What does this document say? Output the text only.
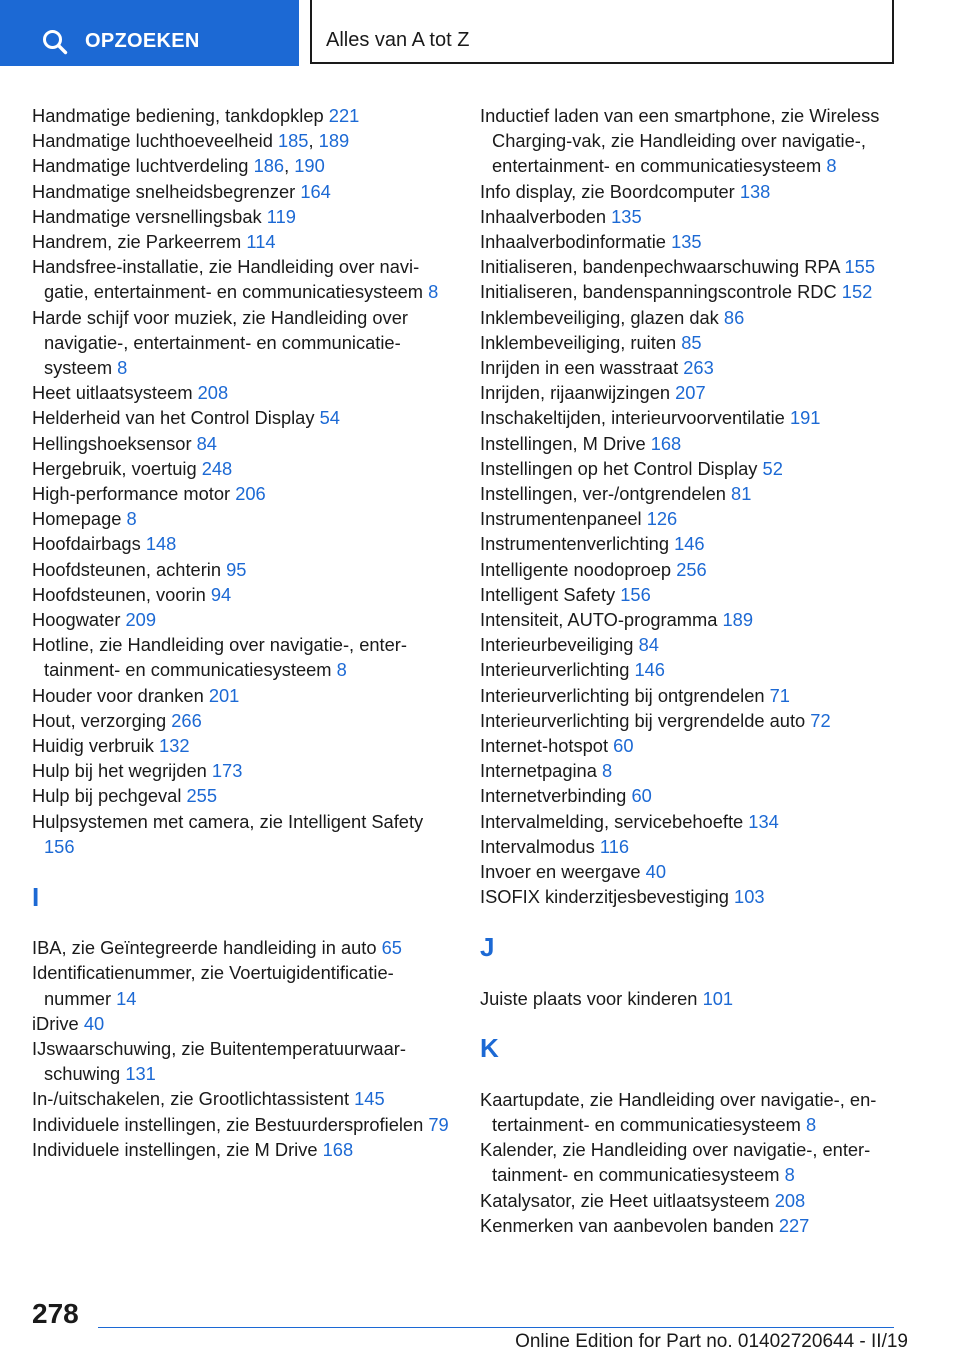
OPZOEKEN	Alles van A tot Z

Handmatige bediening, tankdopklep 221

Handmatige luchthoeveelheid 185, 189

Handmatige luchtverdeling 186, 190

Handmatige snelheidsbegrenzer 164

Handmatige versnellingsbak 119

Handrem, zie Parkeerrem 114

Handsfree-installatie, zie Handleiding over navigatie, entertainment- en communicatiesysteem 8

Harde schijf voor muziek, zie Handleiding over navigatie-, entertainment- en communicatiesysteem 8

Heet uitlaatsysteem 208

Helderheid van het Control Display 54

Hellingshoeksensor 84

Hergebruik, voertuig 248

High-performance motor 206

Homepage 8

Hoofdairbags 148

Hoofdsteunen, achterin 95

Hoofdsteunen, voorin 94

Hoogwater 209

Hotline, zie Handleiding over navigatie-, entertainment- en communicatiesysteem 8

Houder voor dranken 201

Hout, verzorging 266

Huidig verbruik 132

Hulp bij het wegrijden 173

Hulp bij pechgeval 255

Hulpsystemen met camera, zie Intelligent Safety 156

I

IBA, zie Geïntegreerde handleiding in auto 65

Identificatienummer, zie Voertuigidentificatienummer 14

iDrive 40

IJswaarschuwing, zie Buitentemperatuurwaarschuwing 131

In-/uitschakelen, zie Grootlichtassistent 145

Individuele instellingen, zie Bestuurdersprofielen 79

Individuele instellingen, zie M Drive 168

Inductief laden van een smartphone, zie Wireless Charging-vak, zie Handleiding over navigatie-, entertainment- en communicatiesysteem 8

Info display, zie Boordcomputer 138

Inhaalverboden 135

Inhaalverbodinformatie 135

Initialiseren, bandenpechwaarschuwing RPA 155

Initialiseren, bandenspanningscontrole RDC 152

Inklembeveiliging, glazen dak 86

Inklembeveiliging, ruiten 85

Inrijden in een wasstraat 263

Inrijden, rijaanwijzingen 207

Inschakeltijden, interieurvoorventilatie 191

Instellingen, M Drive 168

Instellingen op het Control Display 52

Instellingen, ver-/ontgrendelen 81

Instrumentenpaneel 126

Instrumentenverlichting 146

Intelligente noodoproep 256

Intelligent Safety 156

Intensiteit, AUTO-programma 189

Interieurbeveiliging 84

Interieurverlichting 146

Interieurverlichting bij ontgrendelen 71

Interieurverlichting bij vergrendelde auto 72

Internet-hotspot 60

Internetpagina 8

Internetverbinding 60

Intervalmelding, servicebehoefte 134

Intervalmodus 116

Invoer en weergave 40

ISOFIX kinderzitjesbevestiging 103

J

Juiste plaats voor kinderen 101

K

Kaartupdate, zie Handleiding over navigatie-, entertainment- en communicatiesysteem 8

Kalender, zie Handleiding over navigatie-, entertainment- en communicatiesysteem 8

Katalysator, zie Heet uitlaatsysteem 208

Kenmerken van aanbevolen banden 227

278
Online Edition for Part no. 01402720644 - II/19
